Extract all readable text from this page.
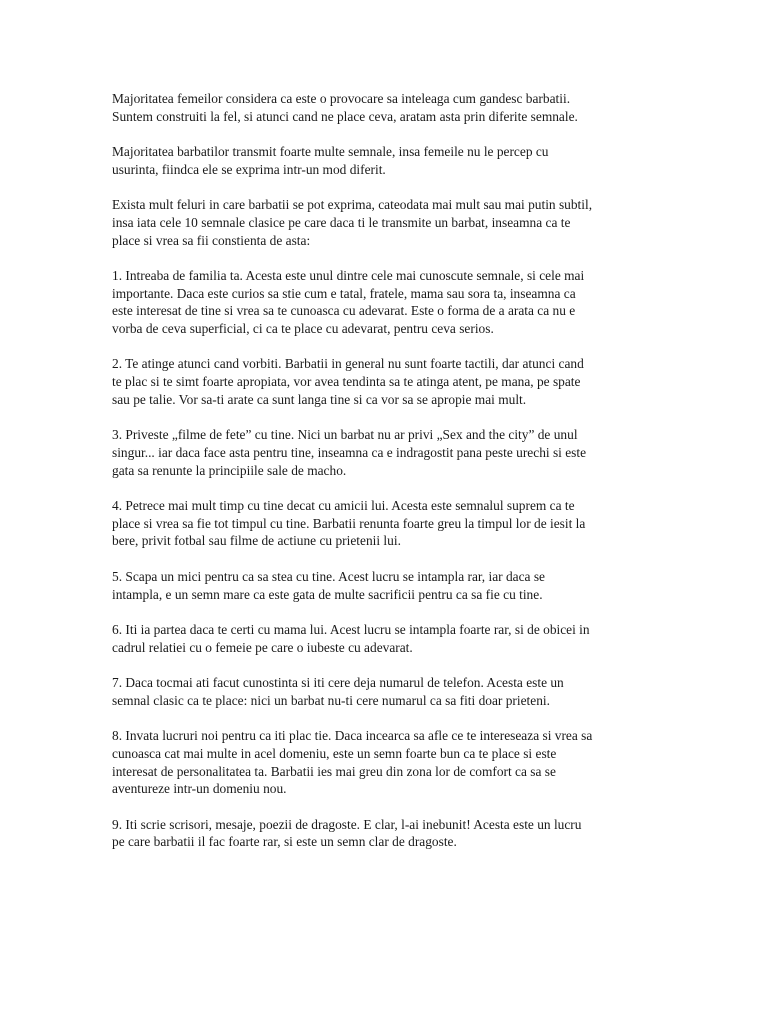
Majoritatea femeilor considera ca este o provocare sa inteleaga cum gandesc barbatii.
Suntem construiti la fel, si atunci cand ne place ceva, aratam asta prin diferite semnale.

Majoritatea barbatilor transmit foarte multe semnale, insa femeile nu le percep cu
usurinta, fiindca ele se exprima intr-un mod diferit.

Exista mult feluri in care barbatii se pot exprima, cateodata mai mult sau mai putin subtil,
insa iata cele 10 semnale clasice pe care daca ti le transmite un barbat, inseamna ca te
place si vrea sa fii constienta de asta:

1. Intreaba de familia ta. Acesta este unul dintre cele mai cunoscute semnale, si cele mai
importante. Daca este curios sa stie cum e tatal, fratele, mama sau sora ta, inseamna ca
este interesat de tine si vrea sa te cunoasca cu adevarat. Este o forma de a arata ca nu e
vorba de ceva superficial, ci ca te place cu adevarat, pentru ceva serios.

2. Te atinge atunci cand vorbiti. Barbatii in general nu sunt foarte tactili, dar atunci cand
te plac si te simt foarte apropiata, vor avea tendinta sa te atinga atent, pe mana, pe spate
sau pe talie. Vor sa-ti arate ca sunt langa tine si ca vor sa se apropie mai mult.

3. Priveste „filme de fete” cu tine. Nici un barbat nu ar privi „Sex and the city” de unul
singur... iar daca face asta pentru tine, inseamna ca e indragostit pana peste urechi si este
gata sa renunte la principiile sale de macho.

4. Petrece mai mult timp cu tine decat cu amicii lui. Acesta este semnalul suprem ca te
place si vrea sa fie tot timpul cu tine. Barbatii renunta foarte greu la timpul lor de iesit la
bere, privit fotbal sau filme de actiune cu prietenii lui.

5. Scapa un mici pentru ca sa stea cu tine. Acest lucru se intampla rar, iar daca se
intampla, e un semn mare ca este gata de multe sacrificii pentru ca sa fie cu tine.

6. Iti ia partea daca te certi cu mama lui. Acest lucru se intampla foarte rar, si de obicei in
cadrul relatiei cu o femeie pe care o iubeste cu adevarat.

7. Daca tocmai ati facut cunostinta si iti cere deja numarul de telefon. Acesta este un
semnal clasic ca te place: nici un barbat nu-ti cere numarul ca sa fiti doar prieteni.

8. Invata lucruri noi pentru ca iti plac tie. Daca incearca sa afle ce te intereseaza si vrea sa
cunoasca cat mai multe in acel domeniu, este un semn foarte bun ca te place si este
interesat de personalitatea ta. Barbatii ies mai greu din zona lor de comfort ca sa se
aventureze intr-un domeniu nou.

9. Iti scrie scrisori, mesaje, poezii de dragoste. E clar, l-ai inebunit! Acesta este un lucru
pe care barbatii il fac foarte rar, si este un semn clar de dragoste.
